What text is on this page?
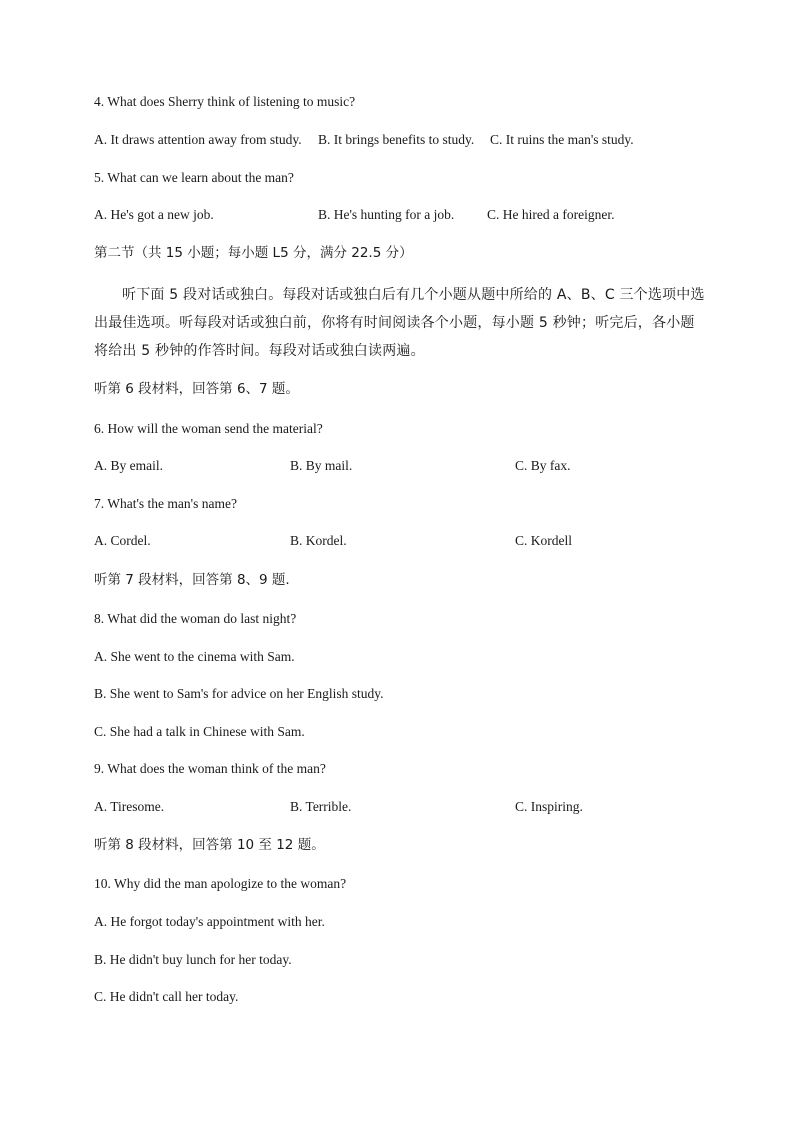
4. What does Sherry think of listening to music?
A. It draws attention away from study. B. It brings benefits to study. C. It ruins the man's study.
5. What can we learn about the man?
A. He's got a new job.	B. He's hunting for a job. C. He hired a foreigner.
第二节（共 15 小题；每小题 L5 分，满分 22.5 分）
听下面 5 段对话或独白。每段对话或独白后有几个小题从题中所给的 A、B、C 三个选项中选出最佳选项。听每段对话或独白前，你将有时间阅读各个小题，每小题 5 秒钟；听完后，各小题将给出 5 秒钟的作答时间。每段对话或独白读两遍。
听第 6 段材料，回答第 6、7 题。
6. How will the woman send the material?
A. By email.	B. By mail.	C. By fax.
7. What's the man's name?
A. Cordel.	B. Kordel.	C. Kordell
听第 7 段材料，回答第 8、9 题.
8. What did the woman do last night?
A. She went to the cinema with Sam.
B. She went to Sam's for advice on her English study.
C. She had a talk in Chinese with Sam.
9. What does the woman think of the man?
A. Tiresome.	B. Terrible.	C. Inspiring.
听第 8 段材料，回答第 10 至 12 题。
10. Why did the man apologize to the woman?
A. He forgot today's appointment with her.
B. He didn't buy lunch for her today.
C. He didn't call her today.
